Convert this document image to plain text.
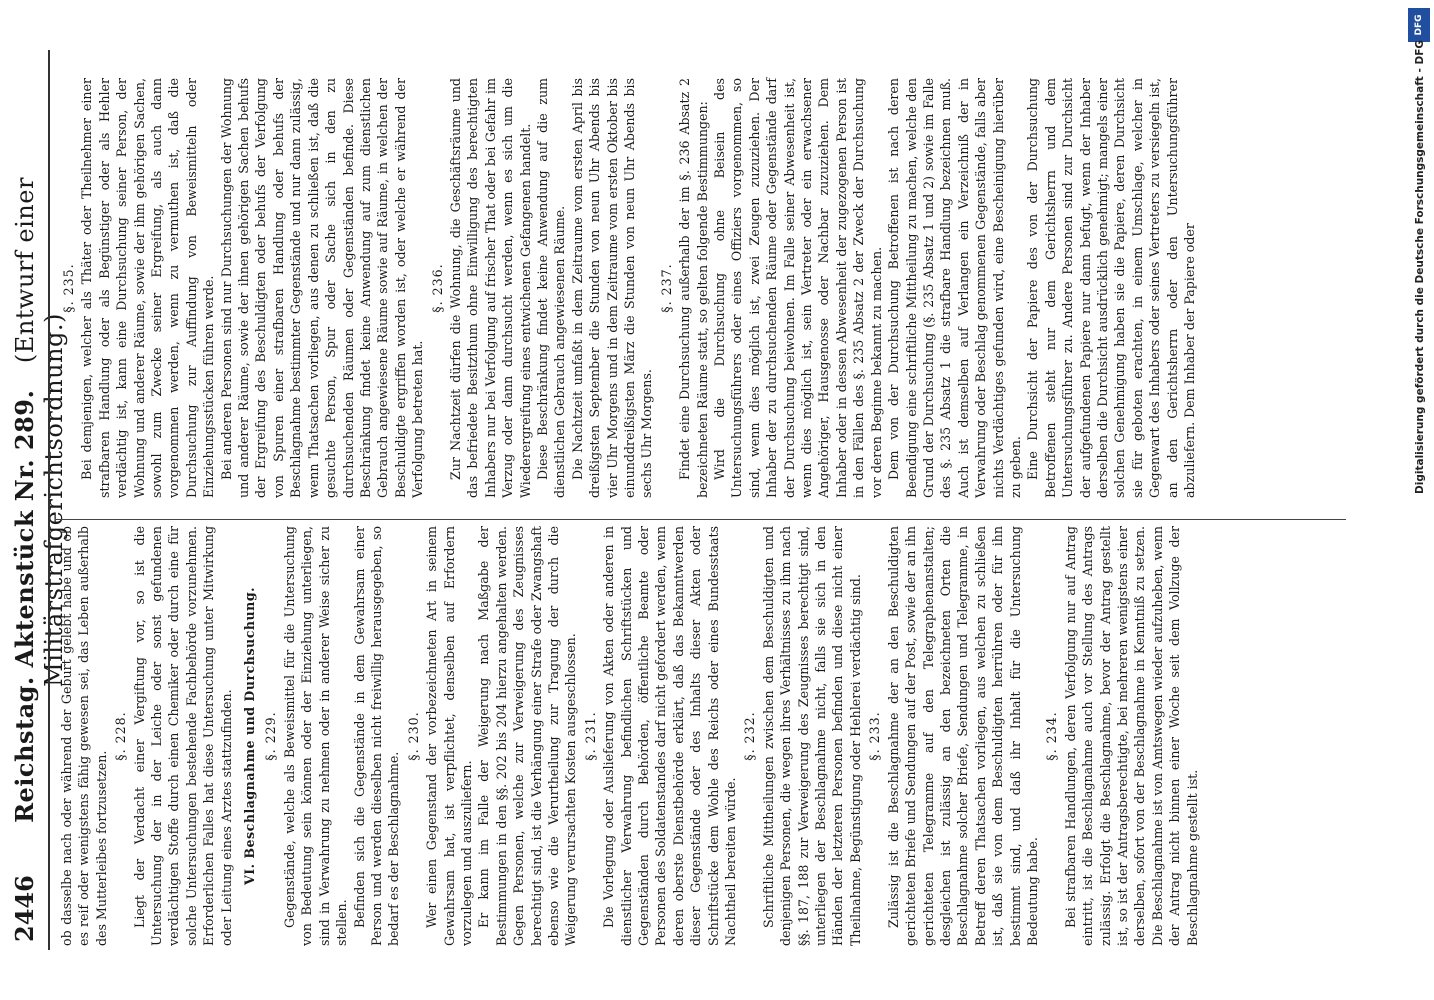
2446
Reichstag. Aktenstück Nr. 289.   (Entwurf einer Militärstrafgerichtsordnung.)

ob dasselbe nach oder während der Geburt gelebt habe und ob es reif oder wenigstens fähig gewesen sei, das Leben außerhalb des Mutterleibes fortzusetzen.

§. 228. Liegt der Verdacht einer Vergiftung vor, so ist die Untersuchung der in der Leiche oder sonst gefundenen verdächtigen Stoffe durch einen Chemiker oder durch eine für solche Untersuchungen bestehende Fachbehörde vorzunehmen. Erforderlichen Falles hat diese Untersuchung unter Mitwirkung oder Leitung eines Arztes stattzufinden. VI. Beschlagnahme und Durchsuchung. §. 229. Gegenstände, welche als Beweismittel für die Untersuchung von Bedeutung sein können oder der Einziehung unterliegen, sind in Verwahrung zu nehmen oder in anderer Weise sicher zu stellen. Befinden sich die Gegenstände in dem Gewahrsam einer Person und werden dieselben nicht freiwillig herausgegeben, so bedarf es der Beschlagnahme.

§. 230. Wer einen Gegenstand der vorbezeichneten Art in seinem Gewahrsam hat, ist verpflichtet, denselben auf Erfordern vorzulegen und auszuliefern. Er kann im Falle der Weigerung nach Maßgabe der Bestimmungen in den §§. 202 bis 204 hierzu angehalten werden. Gegen Personen, welche zur Verweigerung des Zeugnisses berechtigt sind, ist die Verhängung einer Strafe oder Zwangshaft ebenso wie die Verurtheilung zur Tragung der durch die Weigerung verursachten Kosten ausgeschlossen. §. 231. Die Vorlegung oder Auslieferung von Akten oder anderen in dienstlicher Verwahrung befindlichen Schriftstücken und Gegenständen durch Behörden, öffentliche Beamte oder Personen des Soldatenstandes darf nicht gefordert werden, wenn deren oberste Dienstbehörde erklärt, daß das Bekanntwerden dieser Gegenstände oder des Inhalts dieser Akten oder Schriftstücke dem Wohle des Reichs oder eines Bundesstaats Nachtheil bereiten würde.

§. 232. Schriftliche Mittheilungen zwischen dem Beschuldigten und denjenigen Personen, die wegen ihres Verhältnisses zu ihm nach §§. 187, 188 zur Verweigerung des Zeugnisses berechtigt sind, unterliegen der Beschlagnahme nicht, falls sie sich in den Händen der letzteren Personen befinden und diese nicht einer Theilnahme, Begünstigung oder Hehlerei verdächtig sind. §. 233. Zulässig ist die Beschlagnahme der an den Beschuldigten gerichteten Briefe und Sendungen auf der Post, sowie der an ihn gerichteten Telegramme auf den Telegraphenanstalten; desgleichen ist zulässig an den bezeichneten Orten die Beschlagnahme solcher Briefe, Sendungen und Telegramme, in Betreff deren Thatsachen vorliegen, aus welchen zu schließen ist, daß sie von dem Beschuldigten herrühren oder für ihn bestimmt sind, und daß ihr Inhalt für die Untersuchung Bedeutung habe.

§. 234. Bei strafbaren Handlungen, deren Verfolgung nur auf Antrag eintritt, ist die Beschlagnahme auch vor Stellung des Antrags zulässig. Erfolgt die Beschlagnahme, bevor der Antrag gestellt ist, so ist der Antragsberechtigte, bei mehreren wenigstens einer derselben, sofort von der Beschlagnahme in Kenntniß zu setzen. Die Beschlagnahme ist von Amtswegen wieder aufzuheben, wenn der Antrag nicht binnen einer Woche seit dem Vollzuge der Beschlagnahme gestellt ist.

§. 235. Bei demjenigen, welcher als Thäter oder Theilnehmer einer strafbaren Handlung oder als Begünstiger oder als Hehler verdächtig ist, kann eine Durchsuchung seiner Person, der Wohnung und anderer Räume, sowie der ihm gehörigen Sachen, sowohl zum Zwecke seiner Ergreifung, als auch dann vorgenommen werden, wenn zu vermuthen ist, daß die Durchsuchung zur Auffindung von Beweismitteln oder Einziehungsstücken führen werde. Bei anderen Personen sind nur Durchsuchungen der Wohnung und anderer Räume, sowie der ihnen gehörigen Sachen behufs der Ergreifung des Beschuldigten oder behufs der Verfolgung von Spuren einer strafbaren Handlung oder behufs der Beschlagnahme bestimmter Gegenstände und nur dann zulässig, wenn Thatsachen vorliegen, aus denen zu schließen ist, daß die gesuchte Person, Spur oder Sache sich in den zu durchsuchenden Räumen oder Gegenständen befinde. Diese Beschränkung findet keine Anwendung auf zum dienstlichen Gebrauch angewiesene Räume sowie auf Räume, in welchen der Beschuldigte ergriffen worden ist, oder welche er während der Verfolgung betreten hat.

§. 236. Zur Nachtzeit dürfen die Wohnung, die Geschäftsräume und das befriedete Besitzthum ohne Einwilligung des berechtigten Inhabers nur bei Verfolgung auf frischer That oder bei Gefahr im Verzug oder dann durchsucht werden, wenn es sich um die Wiederergreifung eines entwichenen Gefangenen handelt. Diese Beschränkung findet keine Anwendung auf die zum dienstlichen Gebrauch angewiesenen Räume. Die Nachtzeit umfaßt in dem Zeitraume vom ersten April bis dreißigsten September die Stunden von neun Uhr Abends bis vier Uhr Morgens und in dem Zeitraume vom ersten Oktober bis einunddreißigsten März die Stunden von neun Uhr Abends bis sechs Uhr Morgens.

§. 237. Findet eine Durchsuchung außerhalb der im §. 236 Absatz 2 bezeichneten Räume statt, so gelten folgende Bestimmungen: Wird die Durchsuchung ohne Beisein des Untersuchungsführers oder eines Offiziers vorgenommen, so sind, wenn dies möglich ist, zwei Zeugen zuzuziehen. Der Inhaber der zu durchsuchenden Räume oder Gegenstände darf der Durchsuchung beiwohnen. Im Falle seiner Abwesenheit ist, wenn dies möglich ist, sein Vertreter oder ein erwachsener Angehöriger, Hausgenosse oder Nachbar zuzuziehen. Dem Inhaber oder in dessen Abwesenheit der zugezogenen Person ist in den Fällen des §. 235 Absatz 2 der Zweck der Durchsuchung vor deren Beginne bekannt zu machen. Dem von der Durchsuchung Betroffenen ist nach deren Beendigung eine schriftliche Mittheilung zu machen, welche den Grund der Durchsuchung (§. 235 Absatz 1 und 2) sowie im Falle des §. 235 Absatz 1 die strafbare Handlung bezeichnen muß. Auch ist demselben auf Verlangen ein Verzeichniß der in Verwahrung oder Beschlag genommenen Gegenstände, falls aber nichts Verdächtiges gefunden wird, eine Bescheinigung hierüber zu geben. Eine Durchsicht der Papiere des von der Durchsuchung Betroffenen steht nur dem Gerichtsherrn und dem Untersuchungsführer zu. Andere Personen sind zur Durchsicht der aufgefundenen Papiere nur dann befugt, wenn der Inhaber derselben die Durchsicht ausdrücklich genehmigt; mangels einer solchen Genehmigung haben sie die Papiere, deren Durchsicht sie für geboten erachten, in einem Umschlage, welcher in Gegenwart des Inhabers oder seines Vertreters zu versiegeln ist, an den Gerichtsherrn oder den Untersuchungsführer abzuliefern. Dem Inhaber der Papiere oder

DFG
Digitalisierung gefördert durch die Deutsche Forschungsgemeinschaft - DFG
